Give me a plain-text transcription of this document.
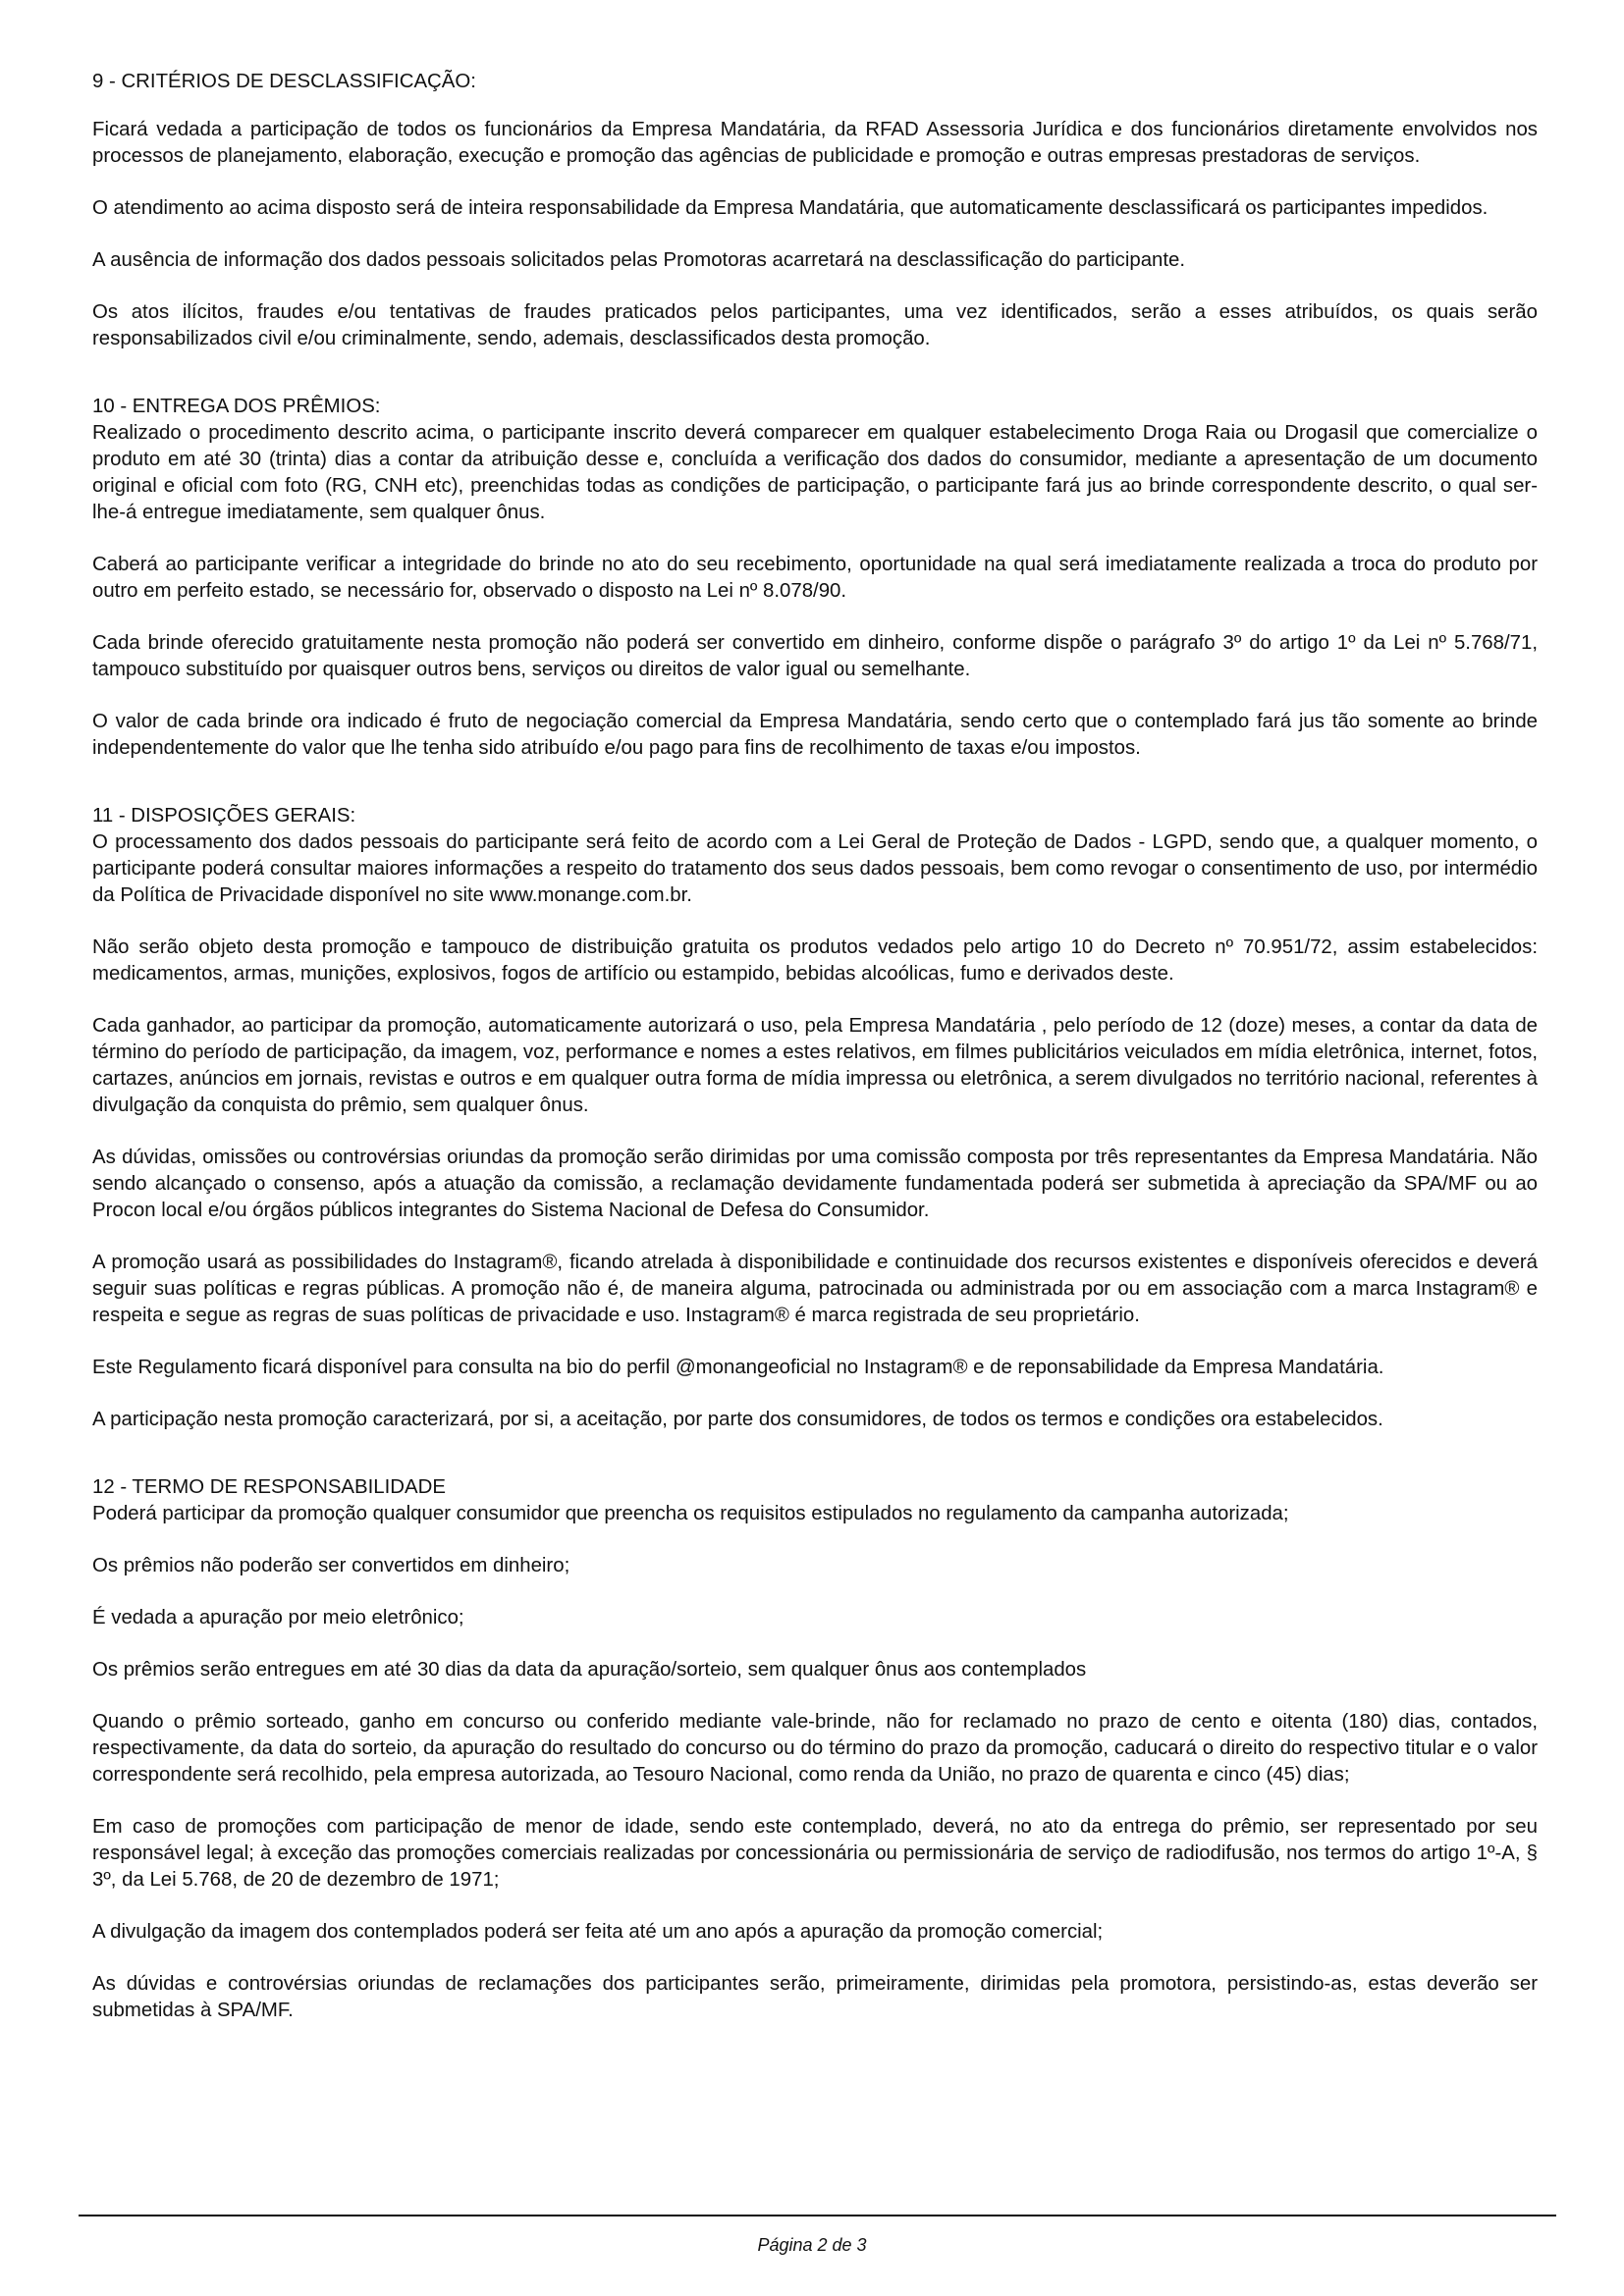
9 - CRITÉRIOS DE DESCLASSIFICAÇÃO:

Ficará vedada a participação de todos os funcionários da Empresa Mandatária, da RFAD Assessoria Jurídica e dos funcionários diretamente envolvidos nos processos de planejamento, elaboração, execução e promoção das agências de publicidade e promoção e outras empresas prestadoras de serviços.

O atendimento ao acima disposto será de inteira responsabilidade da Empresa Mandatária, que automaticamente desclassificará os participantes impedidos.

A ausência de informação dos dados pessoais solicitados pelas Promotoras acarretará na desclassificação do participante.

Os atos ilícitos, fraudes e/ou tentativas de fraudes praticados pelos participantes, uma vez identificados, serão a esses atribuídos, os quais serão responsabilizados civil e/ou criminalmente, sendo, ademais, desclassificados desta promoção.

10 - ENTREGA DOS PRÊMIOS:

Realizado o procedimento descrito acima, o participante inscrito deverá comparecer em qualquer estabelecimento Droga Raia ou Drogasil que comercialize o produto em até 30 (trinta) dias a contar da atribuição desse e, concluída a verificação dos dados do consumidor, mediante a apresentação de um documento original e oficial com foto (RG, CNH etc), preenchidas todas as condições de participação, o participante fará jus ao brinde correspondente descrito, o qual ser-lhe-á entregue imediatamente, sem qualquer ônus.

Caberá ao participante verificar a integridade do brinde no ato do seu recebimento, oportunidade na qual será imediatamente realizada a troca do produto por outro em perfeito estado, se necessário for, observado o disposto na Lei nº 8.078/90.

Cada brinde oferecido gratuitamente nesta promoção não poderá ser convertido em dinheiro, conforme dispõe o parágrafo 3º do artigo 1º da Lei nº 5.768/71, tampouco substituído por quaisquer outros bens, serviços ou direitos de valor igual ou semelhante.

O valor de cada brinde ora indicado é fruto de negociação comercial da Empresa Mandatária, sendo certo que o contemplado fará jus tão somente ao brinde independentemente do valor que lhe tenha sido atribuído e/ou pago para fins de recolhimento de taxas e/ou impostos.

11 - DISPOSIÇÕES GERAIS:

O processamento dos dados pessoais do participante será feito de acordo com a Lei Geral de Proteção de Dados - LGPD, sendo que, a qualquer momento, o participante poderá consultar maiores informações a respeito do tratamento dos seus dados pessoais, bem como revogar o consentimento de uso, por intermédio da Política de Privacidade disponível no site www.monange.com.br.

Não serão objeto desta promoção e tampouco de distribuição gratuita os produtos vedados pelo artigo 10 do Decreto nº 70.951/72, assim estabelecidos: medicamentos, armas, munições, explosivos, fogos de artifício ou estampido, bebidas alcoólicas, fumo e derivados deste.

Cada ganhador, ao participar da promoção, automaticamente autorizará o uso, pela Empresa Mandatária , pelo período de 12 (doze) meses, a contar da data de término do período de participação, da imagem, voz, performance e nomes a estes relativos, em filmes publicitários veiculados em mídia eletrônica, internet, fotos, cartazes, anúncios em jornais, revistas e outros e em qualquer outra forma de mídia impressa ou eletrônica, a serem divulgados no território nacional, referentes à divulgação da conquista do prêmio, sem qualquer ônus.

As dúvidas, omissões ou controvérsias oriundas da promoção serão dirimidas por uma comissão composta por três representantes da Empresa Mandatária. Não sendo alcançado o consenso, após a atuação da comissão, a reclamação devidamente fundamentada poderá ser submetida à apreciação da SPA/MF ou ao Procon local e/ou órgãos públicos integrantes do Sistema Nacional de Defesa do Consumidor.

A promoção usará as possibilidades do Instagram®, ficando atrelada à disponibilidade e continuidade dos recursos existentes e disponíveis oferecidos e deverá seguir suas políticas e regras públicas. A promoção não é, de maneira alguma, patrocinada ou administrada por ou em associação com a marca Instagram® e respeita e segue as regras de suas políticas de privacidade e uso. Instagram® é marca registrada de seu proprietário.

Este Regulamento ficará disponível para consulta na bio do perfil @monangeoficial no Instagram® e de reponsabilidade da Empresa Mandatária.

A participação nesta promoção caracterizará, por si, a aceitação, por parte dos consumidores, de todos os termos e condições ora estabelecidos.

12 - TERMO DE RESPONSABILIDADE

Poderá participar da promoção qualquer consumidor que preencha os requisitos estipulados no regulamento da campanha autorizada;

Os prêmios não poderão ser convertidos em dinheiro;

É vedada a apuração por meio eletrônico;

Os prêmios serão entregues em até 30 dias da data da apuração/sorteio, sem qualquer ônus aos contemplados

Quando o prêmio sorteado, ganho em concurso ou conferido mediante vale-brinde, não for reclamado no prazo de cento e oitenta (180) dias, contados, respectivamente, da data do sorteio, da apuração do resultado do concurso ou do término do prazo da promoção, caducará o direito do respectivo titular e o valor correspondente será recolhido, pela empresa autorizada, ao Tesouro Nacional, como renda da União, no prazo de quarenta e cinco (45) dias;

Em caso de promoções com participação de menor de idade, sendo este contemplado, deverá, no ato da entrega do prêmio, ser representado por seu responsável legal; à exceção das promoções comerciais realizadas por concessionária ou permissionária de serviço de radiodifusão, nos termos do artigo 1º-A, § 3º, da Lei 5.768, de 20 de dezembro de 1971;

A divulgação da imagem dos contemplados poderá ser feita até um ano após a apuração da promoção comercial;

As dúvidas e controvérsias oriundas de reclamações dos participantes serão, primeiramente, dirimidas pela promotora, persistindo-as, estas deverão ser submetidas à SPA/MF.

Página 2 de 3
